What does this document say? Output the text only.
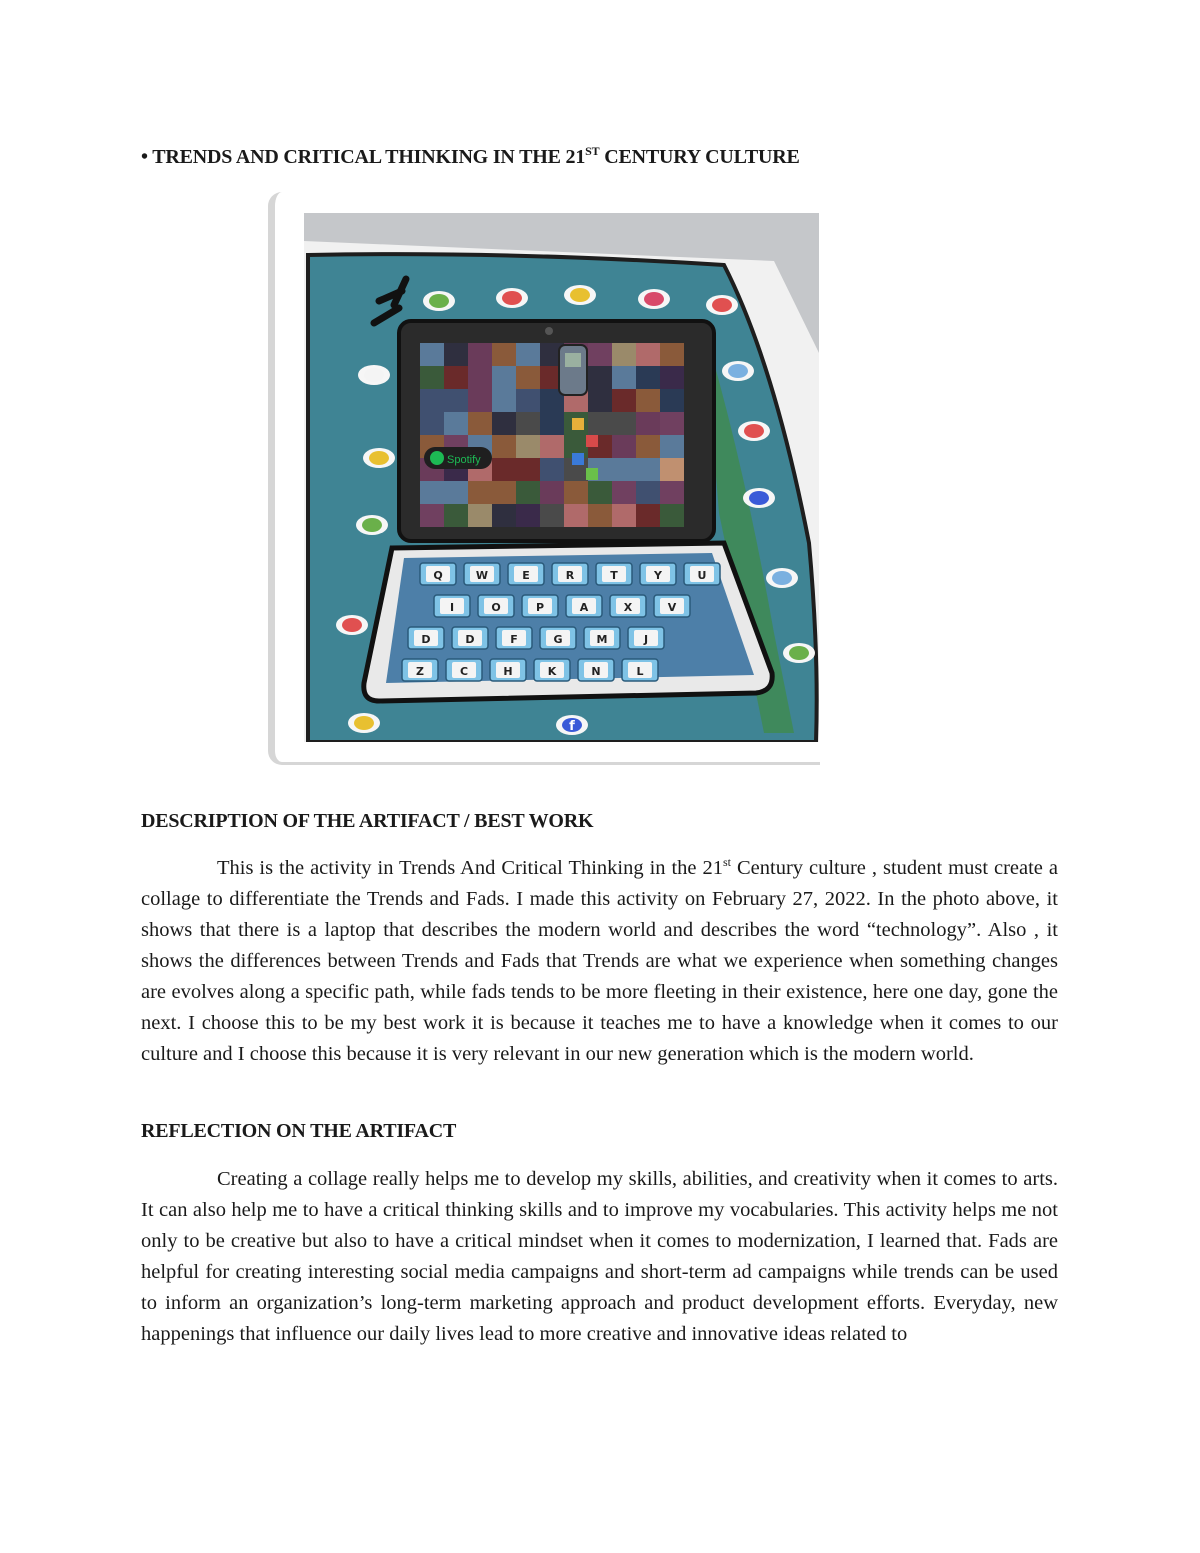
• TRENDS AND CRITICAL THINKING IN THE 21ST CENTURY CULTURE
Q	W	E	R	T	Y	U
I	O	P	A	X	V
D	D	F	G	M	J
Z	C	H	K	N	L
f
Spotify
DESCRIPTION OF THE ARTIFACT / BEST WORK

This is the activity in Trends And Critical Thinking in the 21st Century culture , student must create a collage to differentiate the Trends and Fads. I made this activity on February 27, 2022. In the photo above, it shows that there is a laptop that describes the modern world and describes the word “technology”. Also , it shows the differences between Trends and Fads that Trends are what we experience when something changes are evolves along a specific path, while fads tends to be more fleeting in their existence, here one day, gone the next. I choose this to be my best work it is because it teaches me to have a knowledge when it comes to our culture and I choose this because it is very relevant in our new generation which is the modern world.

REFLECTION ON THE ARTIFACT

Creating a collage really helps me to develop my skills, abilities, and creativity when it comes to arts. It can also help me to have a critical thinking skills and to improve my vocabularies. This activity helps me not only to be creative but also to have a critical mindset when it comes to modernization, I learned that. Fads are helpful for creating interesting social media campaigns and short-term ad campaigns while trends can be used to inform an organization’s long-term marketing approach and product development efforts. Everyday, new happenings that influence our daily lives lead to more creative and innovative ideas related to
